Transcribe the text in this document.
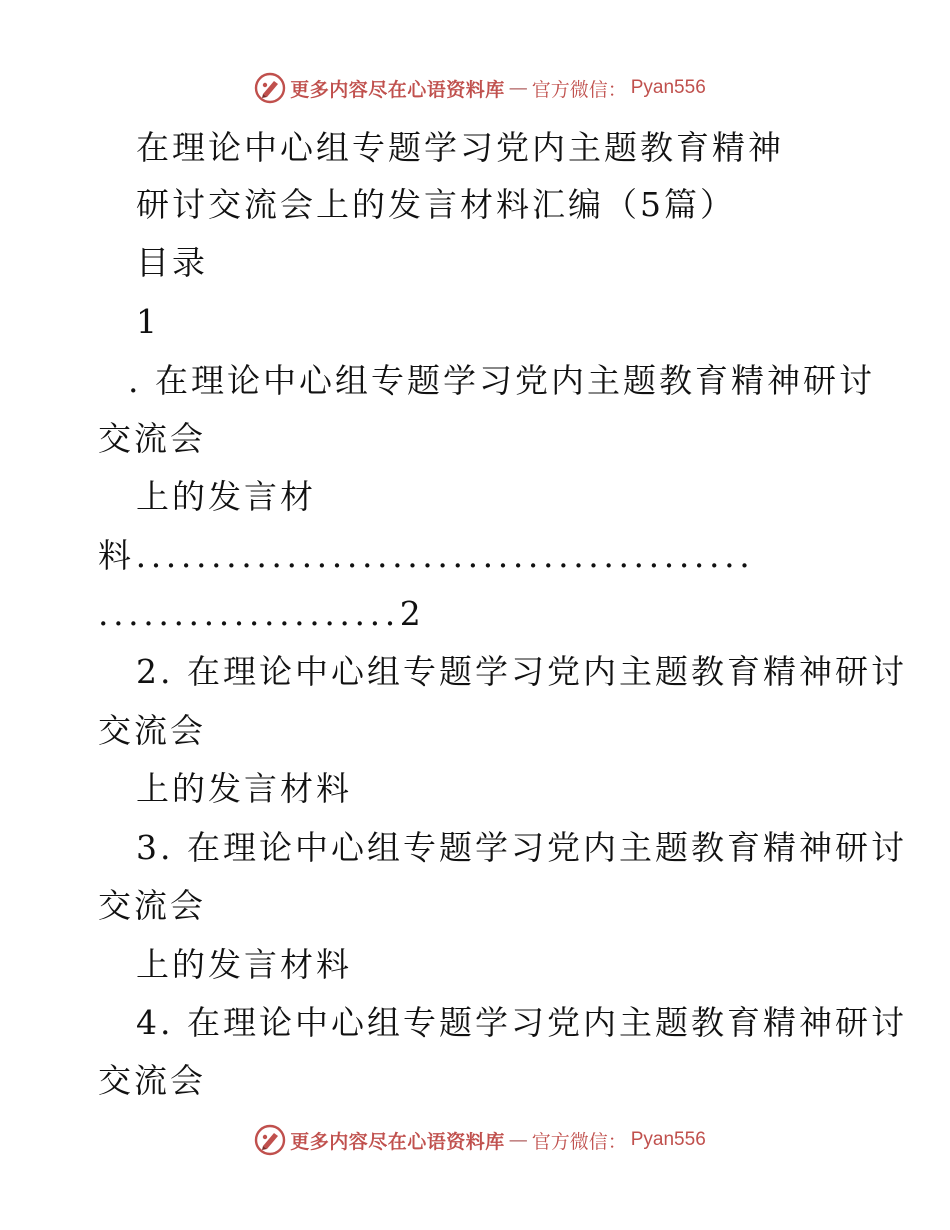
更多内容尽在心语资料库 — 官方微信： Pyan556
在理论中心组专题学习党内主题教育精神
研讨交流会上的发言材料汇编（5篇）
目录
1
. 在理论中心组专题学习党内主题教育精神研讨
交流会
上的发言材
料.........................................
....................2
2. 在理论中心组专题学习党内主题教育精神研讨
交流会
上的发言材料
3. 在理论中心组专题学习党内主题教育精神研讨
交流会
上的发言材料
4. 在理论中心组专题学习党内主题教育精神研讨
交流会
更多内容尽在心语资料库 — 官方微信： Pyan556
